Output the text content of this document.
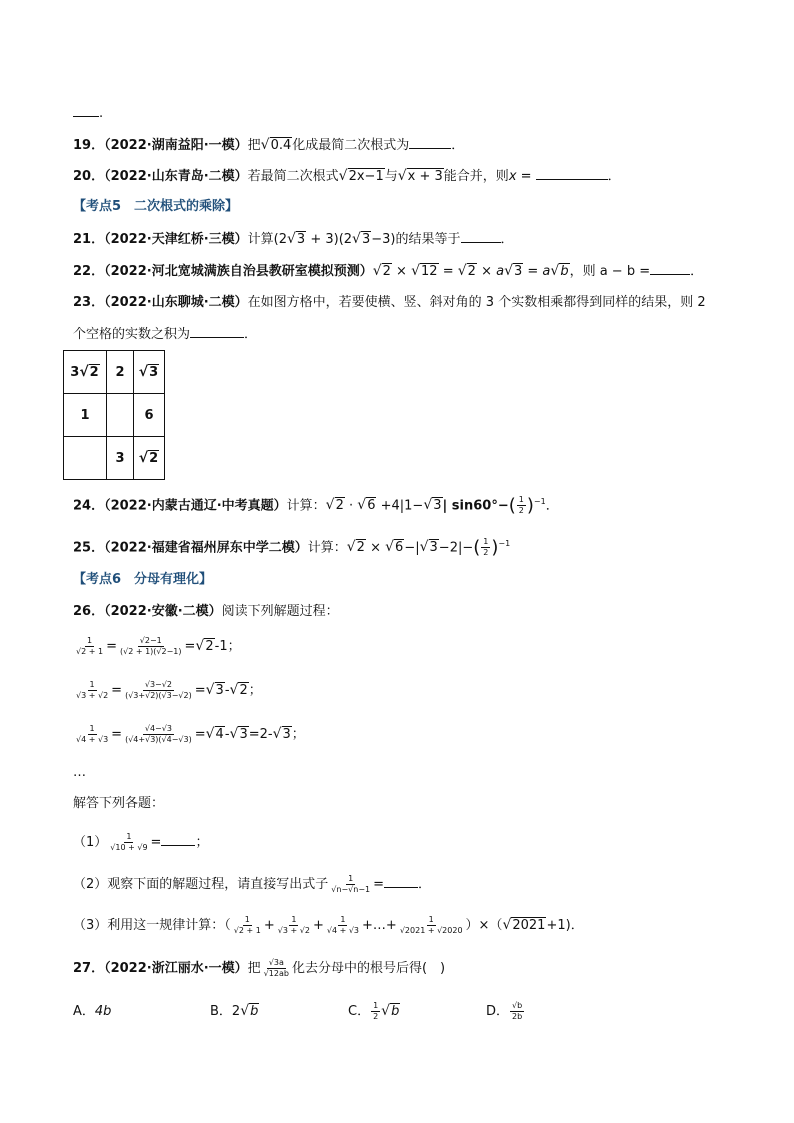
.
19．（2022·湖南益阳·一模）把√0.4化成最简二次根式为	．
20．（2022·山东青岛·二模）若最简二次根式√2x−1与√x + 3能合并，则x =	．
【考点5　二次根式的乘除】
21．（2022·天津红桥·三模）计算(2√3 + 3)(2√3−3)的结果等于	．
22．（2022·河北宽城满族自治县教研室模拟预测）√2 × √12 = √2 × a√3 = a√b，则 a − b =	．
23．（2022·山东聊城·二模）在如图方格中，若要使横、竖、斜对角的 3 个实数相乘都得到同样的结果，则 2
个空格的实数之积为	．
3√2	2	√3
1		6
	3	√2
24．（2022·内蒙古通辽·中考真题）计算：√2 · √6 +4|1−√3| $\sin 60^\circ-( \frac{1}{2} )^{-1}$．
25．（2022·福建省福州屏东中学二模）计算：$√2 \times √6-|√3-2|-( \frac{1}{2} )^{-1}$
【考点6　分母有理化】
26．（2022·安徽·二模）阅读下列解题过程：
$\frac{1}{√2 + 1} = \frac{√2-1}{(√2 + 1)(√2-1)} =√2-1$；
$\frac{1}{√3 + √2} = \frac{√3-√2}{(√3+√2)(√3-√2)} =√3-√2$；
$\frac{1}{√4 + √3} = \frac{√4-√3}{(√4+√3)(√4-√3)} =√4-√3=2-√3$；
…
解答下列各题：
$(1) \frac{1}{√10 + √9}$ =	；
（2）观察下面的解题过程，请直接写出式子 $\frac{1}{√n-√n-1}$ =	．
（3）利用这一规律计算：（ $\frac{1}{√2 + 1} + \frac{1}{√3 + √2} + \frac{1}{√4 + √3}$ +…+ $\frac{1}{√2021 + √2020} )\times(√2021+1)$．
27．（2022·浙江丽水·一模）把 $\frac{√3a}{√12ab}$ 化去分母中的根号后得(　)
A．4b	B．2√b	C． $\frac{1}{2} √b$	D． $\frac{√b}{2b}$
